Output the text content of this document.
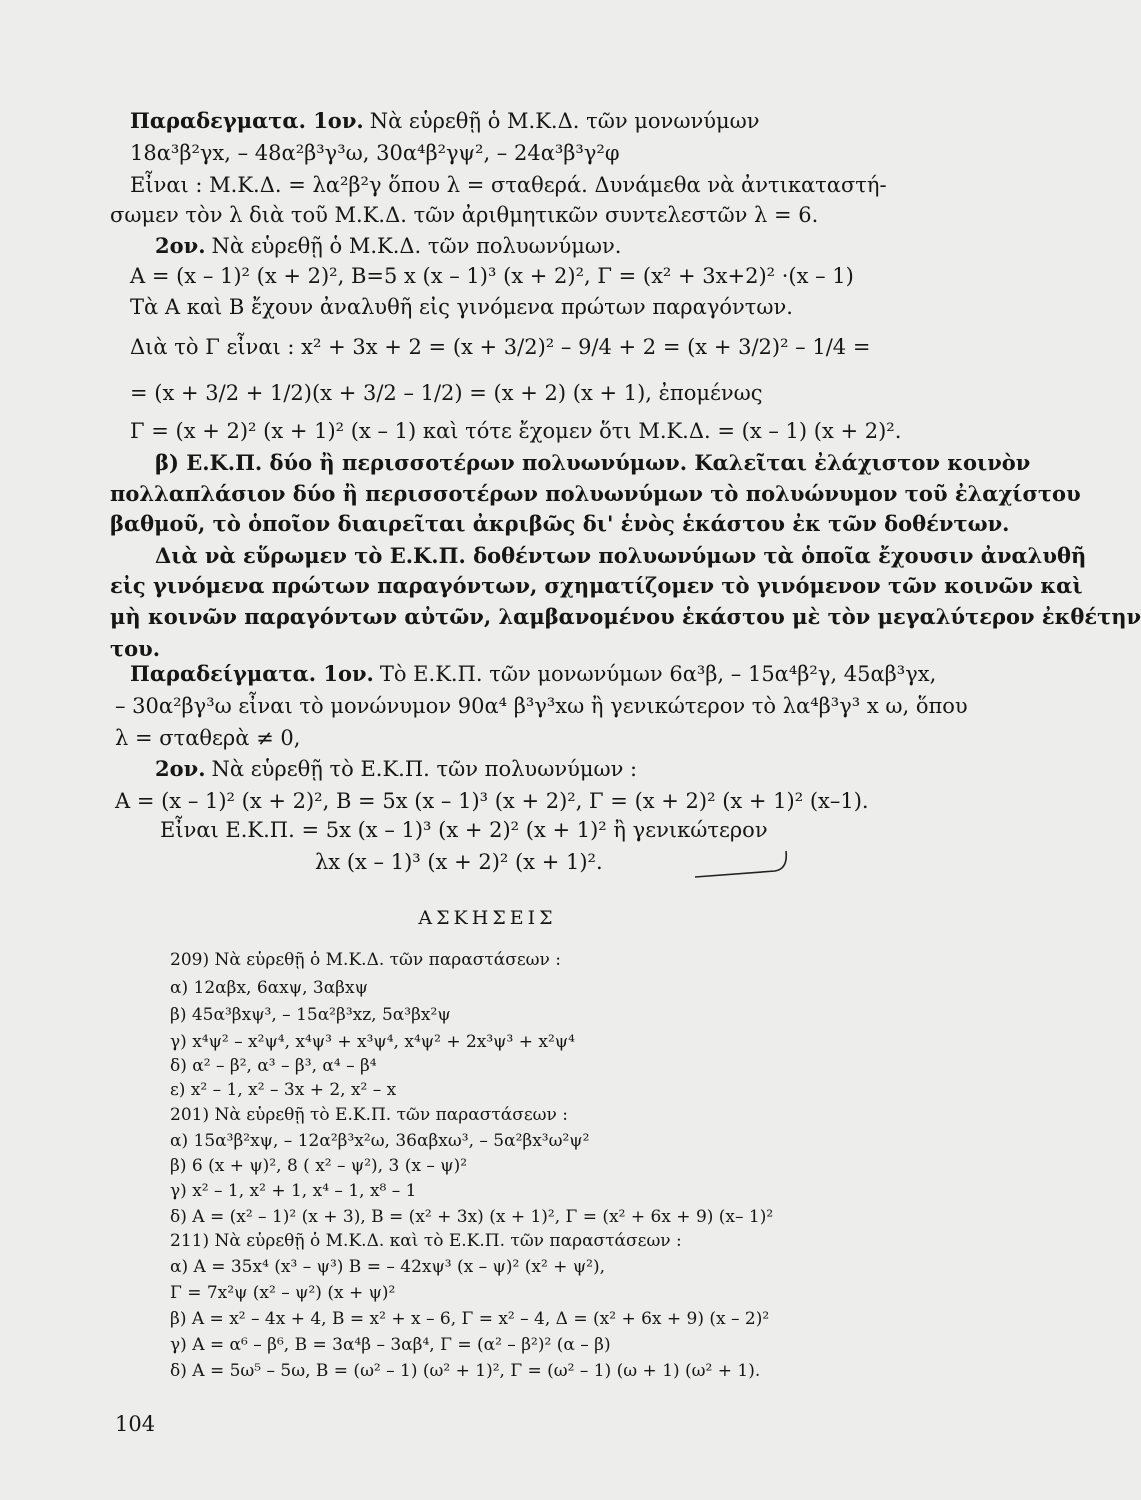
Παραδεγματα. 1ον. Νὰ εὑρεθῇ ὁ Μ.Κ.Δ. τῶν μονωνύμων
18α³β²γx, – 48α²β³γ³ω, 30α⁴β²γψ², – 24α³β³γ²φ
Εἶναι : Μ.Κ.Δ. = λα²β²γ ὅπου λ = σταθερά. Δυνάμεθα νὰ ἀντικαταστή-
σωμεν τὸν λ διὰ τοῦ Μ.Κ.Δ. τῶν ἀριθμητικῶν συντελεστῶν λ = 6.
2ον. Νὰ εὑρεθῇ ὁ Μ.Κ.Δ. τῶν πολυωνύμων.
Α = (x – 1)² (x + 2)², Β=5 x (x – 1)³ (x + 2)², Γ = (x² + 3x+2)² ·(x – 1)
Τὰ Α καὶ Β ἔχουν ἀναλυθῆ εἰς γινόμενα πρώτων παραγόντων.
Διὰ τὸ Γ εἶναι : x² + 3x + 2 = (x + 3/2)² – 9/4 + 2 = (x + 3/2)² – 1/4 =
= (x + 3/2 + 1/2)(x + 3/2 – 1/2) = (x + 2) (x + 1), ἐπομένως
Γ = (x + 2)² (x + 1)² (x – 1) καὶ τότε ἔχομεν ὅτι Μ.Κ.Δ. = (x – 1) (x + 2)².
β) Ε.Κ.Π. δύο ἢ περισσοτέρων πολυωνύμων. Καλεῖται ἐλάχιστον κοινὸν
πολλαπλάσιον δύο ἢ περισσοτέρων πολυωνύμων τὸ πολυώνυμον τοῦ ἐλαχίστου
βαθμοῦ, τὸ ὁποῖον διαιρεῖται ἀκριβῶς δι' ἑνὸς ἑκάστου ἐκ τῶν δοθέντων.
Διὰ νὰ εὕρωμεν τὸ Ε.Κ.Π. δοθέντων πολυωνύμων τὰ ὁποῖα ἔχουσιν ἀναλυθῆ
εἰς γινόμενα πρώτων παραγόντων, σχηματίζομεν τὸ γινόμενον τῶν κοινῶν καὶ
μὴ κοινῶν παραγόντων αὐτῶν, λαμβανομένου ἑκάστου μὲ τὸν μεγαλύτερον ἐκθέτην
του.
Παραδείγματα. 1ον. Τὸ Ε.Κ.Π. τῶν μονωνύμων 6α³β, – 15α⁴β²γ, 45αβ³γx,
– 30α²βγ³ω εἶναι τὸ μονώνυμον 90α⁴ β³γ³xω ἢ γενικώτερον τὸ λα⁴β³γ³ x ω, ὅπου
λ = σταθερὰ ≠ 0,
2ον. Νὰ εὑρεθῇ τὸ Ε.Κ.Π. τῶν πολυωνύμων :
Α = (x – 1)² (x + 2)², Β = 5x (x – 1)³ (x + 2)², Γ = (x + 2)² (x + 1)² (x–1).
Εἶναι Ε.Κ.Π. = 5x (x – 1)³ (x + 2)² (x + 1)² ἢ γενικώτερον
λx (x – 1)³ (x + 2)² (x + 1)².
ΑΣΚΗΣΕΙΣ
209) Νὰ εὑρεθῇ ὁ Μ.Κ.Δ. τῶν παραστάσεων :
α) 12αβx, 6αxψ, 3αβxψ
β) 45α³βxψ³, – 15α²β³xz, 5α³βx²ψ
γ) x⁴ψ² – x²ψ⁴, x⁴ψ³ + x³ψ⁴, x⁴ψ² + 2x³ψ³ + x²ψ⁴
δ) α² – β², α³ – β³, α⁴ – β⁴
ε) x² – 1, x² – 3x + 2, x² – x
201) Νὰ εὑρεθῇ τὸ Ε.Κ.Π. τῶν παραστάσεων :
α) 15α³β²xψ, – 12α²β³x²ω, 36αβxω³, – 5α²βx³ω²ψ²
β) 6 (x + ψ)², 8 ( x² – ψ²), 3 (x – ψ)²
γ) x² – 1, x² + 1, x⁴ – 1, x⁸ – 1
δ) Α = (x² – 1)² (x + 3), Β = (x² + 3x) (x + 1)², Γ = (x² + 6x + 9) (x– 1)²
211) Νὰ εὑρεθῇ ὁ Μ.Κ.Δ. καὶ τὸ Ε.Κ.Π. τῶν παραστάσεων :
α) Α = 35x⁴ (x³ – ψ³) Β = – 42xψ³ (x – ψ)² (x² + ψ²),
Γ = 7x²ψ (x² – ψ²) (x + ψ)²
β) Α = x² – 4x + 4, Β = x² + x – 6, Γ = x² – 4, Δ = (x² + 6x + 9) (x – 2)²
γ) Α = α⁶ – β⁶, Β = 3α⁴β – 3αβ⁴, Γ = (α² – β²)² (α – β)
δ) Α = 5ω⁵ – 5ω, Β = (ω² – 1) (ω² + 1)², Γ = (ω² – 1) (ω + 1) (ω² + 1).
104
